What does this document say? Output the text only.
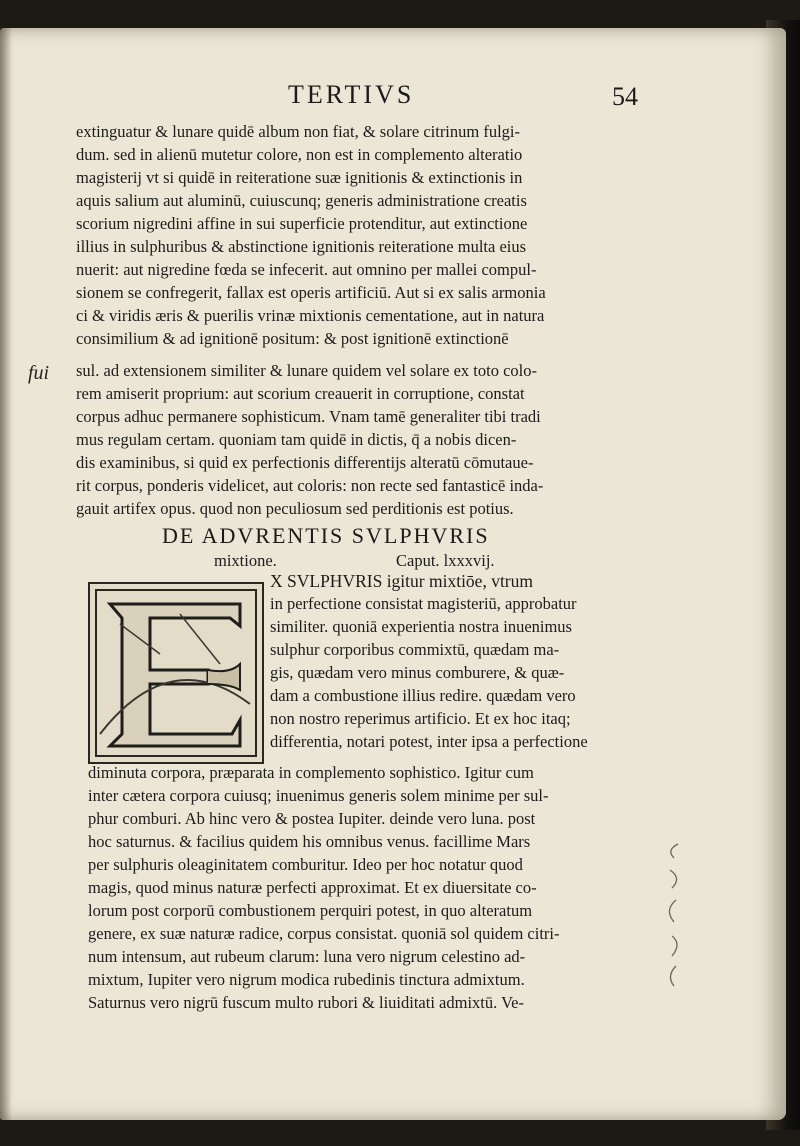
TERTIVS	54
fui
extinguatur & lunare quidē album non fiat, & solare citrinum fulgi-
dum. sed in alienū mutetur colore, non est in complemento alteratio
magisterij vt si quidē in reiteratione suæ ignitionis & extinctionis in
aquis salium aut aluminū, cuiuscunq; generis administratione creatis
scorium nigredini affine in sui superficie protenditur, aut extinctione
illius in sulphuribus & abstinctione ignitionis reiteratione multa eius
nuerit: aut nigredine fœda se infecerit. aut omnino per mallei compul-
sionem se confregerit, fallax est operis artificiū. Aut si ex salis armonia
ci & viridis æris & puerilis vrinæ mixtionis cementatione, aut in natura
consimilium & ad ignitionē positum: & post ignitionē extinctionē
sul. ad extensionem similiter & lunare quidem vel solare ex toto colo-
rem amiserit proprium: aut scorium creauerit in corruptione, constat
corpus adhuc permanere sophisticum. Vnam tamē generaliter tibi tradi
mus regulam certam. quoniam tam quidē in dictis, q̄ a nobis dicen-
dis examinibus, si quid ex perfectionis differentijs alteratū cōmutaue-
rit corpus, ponderis videlicet, aut coloris: non recte sed fantasticē inda-
gauit artifex opus. quod non peculiosum sed perditionis est potius.
DE ADVRENTIS SVLPHVRIS
mixtione.	Caput. lxxxvij.
X SVLPHVRIS igitur mixtiōe, vtrum
in perfectione consistat magisteriū, approbatur
similiter. quoniā experientia nostra inuenimus
sulphur corporibus commixtū, quædam ma-
gis, quædam vero minus comburere, & quæ-
dam a combustione illius redire. quædam vero
non nostro reperimus artificio. Et ex hoc itaq;
differentia, notari potest, inter ipsa a perfectione
diminuta corpora, præparata in complemento sophistico. Igitur cum
inter cætera corpora cuiusq; inuenimus generis solem minime per sul-
phur comburi. Ab hinc vero & postea Iupiter. deinde vero luna. post
hoc saturnus. & facilius quidem his omnibus venus. facillime Mars
per sulphuris oleaginitatem comburitur. Ideo per hoc notatur quod
magis, quod minus naturæ perfecti approximat. Et ex diuersitate co-
lorum post corporū combustionem perquiri potest, in quo alteratum
genere, ex suæ naturæ radice, corpus consistat. quoniā sol quidem citri-
num intensum, aut rubeum clarum: luna vero nigrum celestino ad-
mixtum, Iupiter vero nigrum modica rubedinis tinctura admixtum.
Saturnus vero nigrū fuscum multo rubori & liuiditati admixtū. Ve-
